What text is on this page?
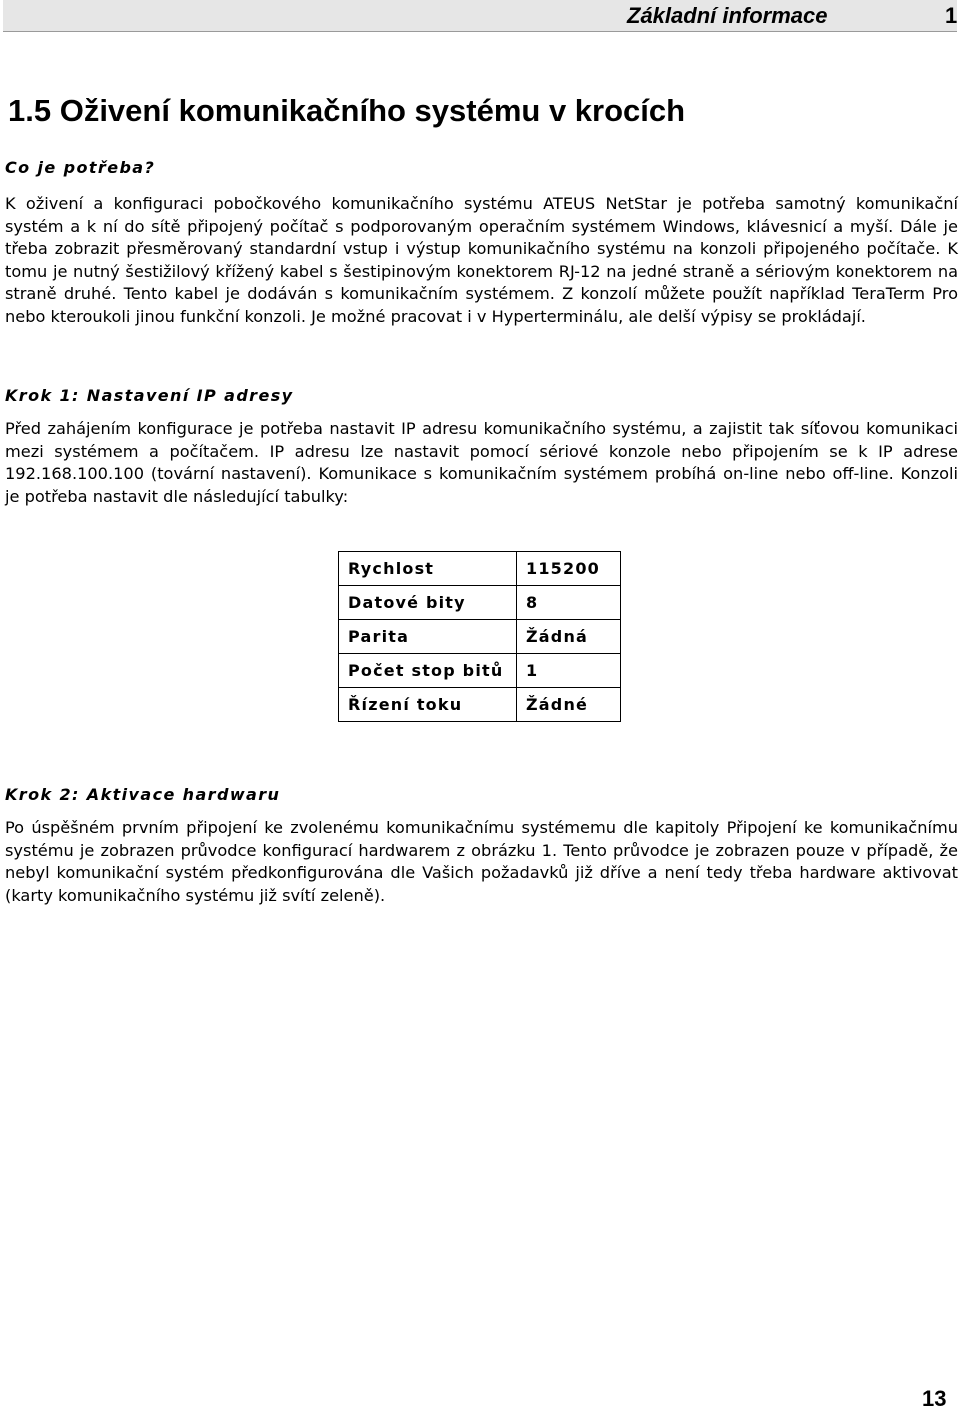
Základní informace	1
1.5 Oživení komunikačního systému v krocích
Co je potřeba?

K oživení a konfiguraci pobočkového komunikačního systému ATEUS NetStar je potřeba samotný komunikační systém a k ní do sítě připojený počítač s podporovaným operačním systémem Windows, klávesnicí a myší. Dále je třeba zobrazit přesměrovaný standardní vstup i výstup komunikačního systému na konzoli připojeného počítače. K tomu je nutný šestižilový křížený kabel s šestipinovým konektorem RJ-12 na jedné straně a sériovým konektorem na straně druhé. Tento kabel je dodáván s komunikačním systémem. Z konzolí můžete použít například TeraTerm Pro nebo kteroukoli jinou funkční konzoli. Je možné pracovat i v Hyperterminálu, ale delší výpisy se prokládají.

Krok 1: Nastavení IP adresy

Před zahájením konfigurace je potřeba nastavit IP adresu komunikačního systému, a zajistit tak síťovou komunikaci mezi systémem a počítačem. IP adresu lze nastavit pomocí sériové konzole nebo připojením se k IP adrese 192.168.100.100 (tovární nastavení). Komunikace s komunikačním systémem probíhá on-line nebo off-line. Konzoli je potřeba nastavit dle následující tabulky:

Rychlost	115200
Datové bity	8
Parita	Žádná
Počet stop bitů	1
Řízení toku	Žádné
Krok 2: Aktivace hardwaru

Po úspěšném prvním připojení ke zvolenému komunikačnímu systémemu dle kapitoly Připojení ke komunikačnímu systému je zobrazen průvodce konfigurací hardwarem z obrázku 1. Tento průvodce je zobrazen pouze v případě, že nebyl komunikační systém předkonfigurována dle Vašich požadavků již dříve a není tedy třeba hardware aktivovat (karty komunikačního systému již svítí zeleně).

13
